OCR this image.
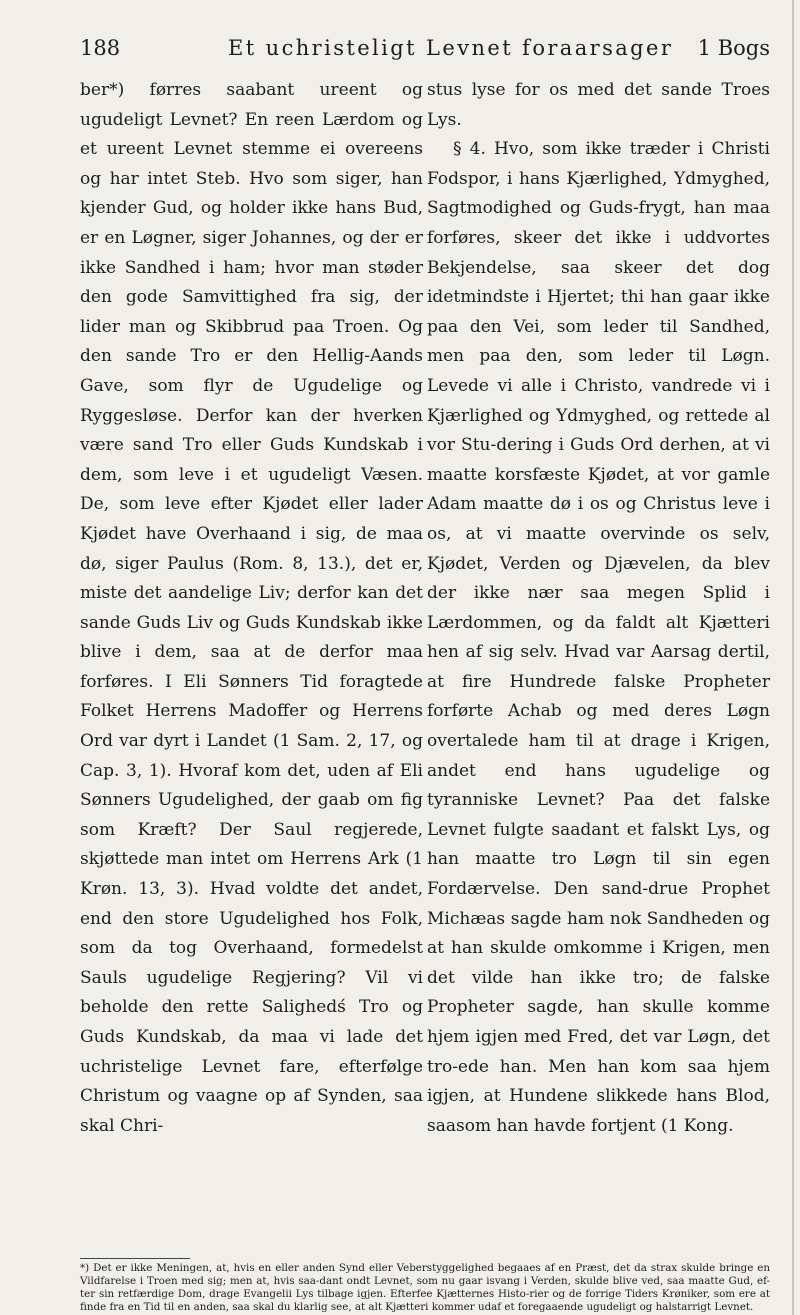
188	Et uchristeligt Levnet foraarsager 1 Bogs

ber*) førres saabant ureent og ugudeligt Levnet? En reen Lærdom og et ureent Levnet stemme ei overeens og har intet Steb. Hvo som siger, han kjender Gud, og holder ikke hans Bud, er en Løgner, siger Johannes, og der er ikke Sandhed i ham; hvor man støder den gode Samvittighed fra sig, der lider man og Skibbrud paa Troen. Og den sande Tro er den Hellig-Aands Gave, som flyr de Ugudelige og Ryggesløse. Derfor kan der hverken være sand Tro eller Guds Kundskab i dem, som leve i et ugudeligt Væsen. De, som leve efter Kjødet eller lader Kjødet have Overhaand i sig, de maa dø, siger Paulus (Rom. 8, 13.), det er, miste det aandelige Liv; derfor kan det sande Guds Liv og Guds Kundskab ikke blive i dem, saa at de derfor maa forføres. I Eli Sønners Tid foragtede Folket Herrens Madoffer og Herrens Ord var dyrt i Landet (1 Sam. 2, 17, og Cap. 3, 1). Hvoraf kom det, uden af Eli Sønners Ugudelighed, der gaab om fig som Kræft? Der Saul regjerede, skjøttede man intet om Herrens Ark (1 Krøn. 13, 3). Hvad voldte det andet, end den store Ugudelighed hos Folk, som da tog Overhaand, formedelst Sauls ugudelige Regjering? Vil vi beholde den rette Salighedś Tro og Guds Kundskab, da maa vi lade det uchristelige Levnet fare, efterfølge Christum og vaagne op af Synden, saa skal Chri-

stus lyse for os med det sande Troes Lys.

§ 4. Hvo, som ikke træder i Christi Fodspor, i hans Kjærlighed, Ydmyghed, Sagtmodighed og Guds-frygt, han maa forføres, skeer det ikke i uddvortes Bekjendelse, saa skeer det dog idetmindste i Hjertet; thi han gaar ikke paa den Vei, som leder til Sandhed, men paa den, som leder til Løgn. Levede vi alle i Christo, vandrede vi i Kjærlighed og Ydmyghed, og rettede al vor Stu-dering i Guds Ord derhen, at vi maatte korsfæste Kjødet, at vor gamle Adam maatte dø i os og Christus leve i os, at vi maatte overvinde os selv, Kjødet, Verden og Djævelen, da blev der ikke nær saa megen Splid i Lærdommen, og da faldt alt Kjætteri hen af sig selv. Hvad var Aarsag dertil, at fire Hundrede falske Propheter forførte Achab og med deres Løgn overtalede ham til at drage i Krigen, andet end hans ugudelige og tyranniske Levnet? Paa det falske Levnet fulgte saadant et falskt Lys, og han maatte tro Løgn til sin egen Fordærvelse. Den sand-drue Prophet Michæas sagde ham nok Sandheden og at han skulde omkomme i Krigen, men det vilde han ikke tro; de falske Propheter sagde, han skulle komme hjem igjen med Fred, det var Løgn, det tro-ede han. Men han kom saa hjem igjen, at Hundene slikkede hans Blod, saasom han havde fortjent (1 Kong.

*) Det er ikke Meningen, at, hvis en eller anden Synd eller Veberstyggelighed begaaes af en Præst, det da strax skulde bringe en Vildfarelse i Troen med sig; men at, hvis saa-dant ondt Levnet, som nu gaar isvang i Verden, skulde blive ved, saa maatte Gud, ef-ter sin retfærdige Dom, drage Evangelii Lys tilbage igjen. Efterfee Kjætternes Histo-rier og de forrige Tiders Krøniker, som ere at finde fra en Tid til en anden, saa skal du klarlig see, at alt Kjætteri kommer udaf et foregaaende ugudeligt og halstarrigt Levnet.
